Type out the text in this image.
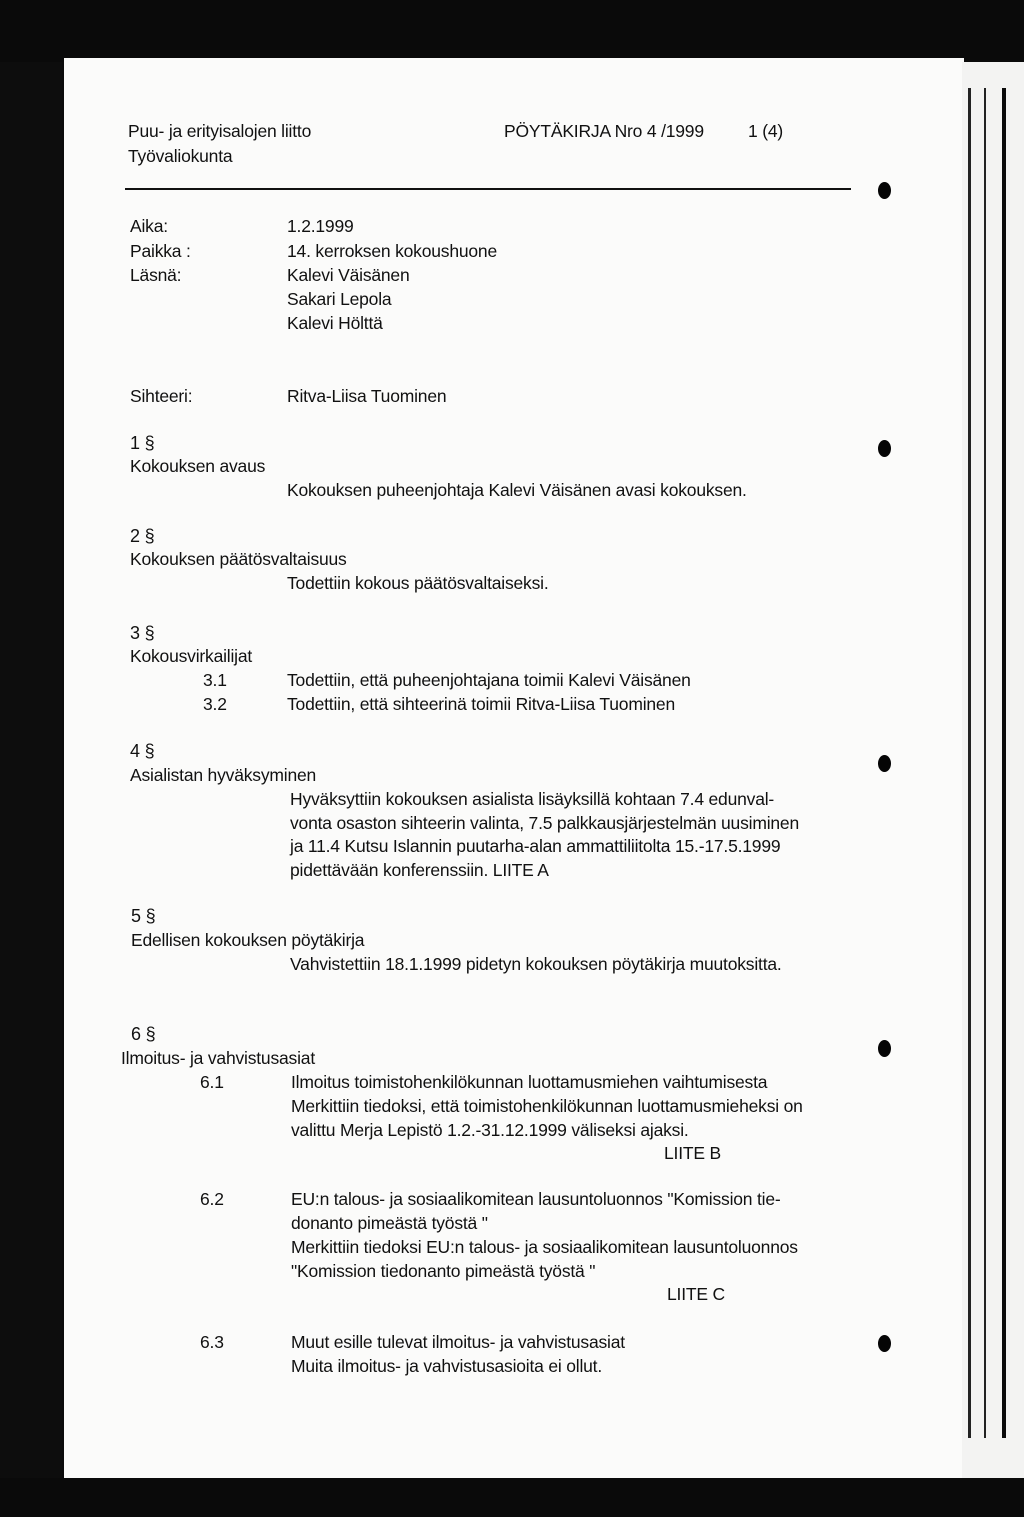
Puu- ja erityisalojen liitto
Työvaliokunta
PÖYTÄKIRJA Nro 4 /1999	1 (4)
Aika:	1.2.1999
Paikka :	14. kerroksen kokoushuone
Läsnä:	Kalevi Väisänen
Sakari Lepola
Kalevi Hölttä
Sihteeri:	Ritva-Liisa Tuominen
1 §
Kokouksen avaus
Kokouksen puheenjohtaja Kalevi Väisänen avasi kokouksen.
2 §
Kokouksen päätösvaltaisuus
Todettiin kokous päätösvaltaiseksi.
3 §
Kokousvirkailijat
3.1	Todettiin, että puheenjohtajana toimii Kalevi Väisänen
3.2	Todettiin, että sihteerinä toimii Ritva-Liisa Tuominen
4 §
Asialistan hyväksyminen
Hyväksyttiin kokouksen asialista lisäyksillä kohtaan 7.4 edunval-
vonta osaston sihteerin valinta, 7.5 palkkausjärjestelmän uusiminen
ja 11.4 Kutsu Islannin puutarha-alan ammattiliitolta 15.-17.5.1999
pidettävään konferenssiin. LIITE A
5 §
Edellisen kokouksen pöytäkirja
Vahvistettiin 18.1.1999 pidetyn kokouksen pöytäkirja muutoksitta.
6 §
Ilmoitus- ja vahvistusasiat
6.1	Ilmoitus toimistohenkilökunnan luottamusmiehen vaihtumisesta
Merkittiin tiedoksi, että toimistohenkilökunnan luottamusmieheksi on
valittu Merja Lepistö 1.2.-31.12.1999 väliseksi ajaksi.
LIITE B
6.2	EU:n talous- ja sosiaalikomitean lausuntoluonnos "Komission tie-
donanto pimeästä työstä "
Merkittiin tiedoksi EU:n talous- ja sosiaalikomitean lausuntoluonnos
"Komission tiedonanto pimeästä työstä "
LIITE C
6.3	Muut esille tulevat ilmoitus- ja vahvistusasiat
Muita ilmoitus- ja vahvistusasioita ei ollut.
